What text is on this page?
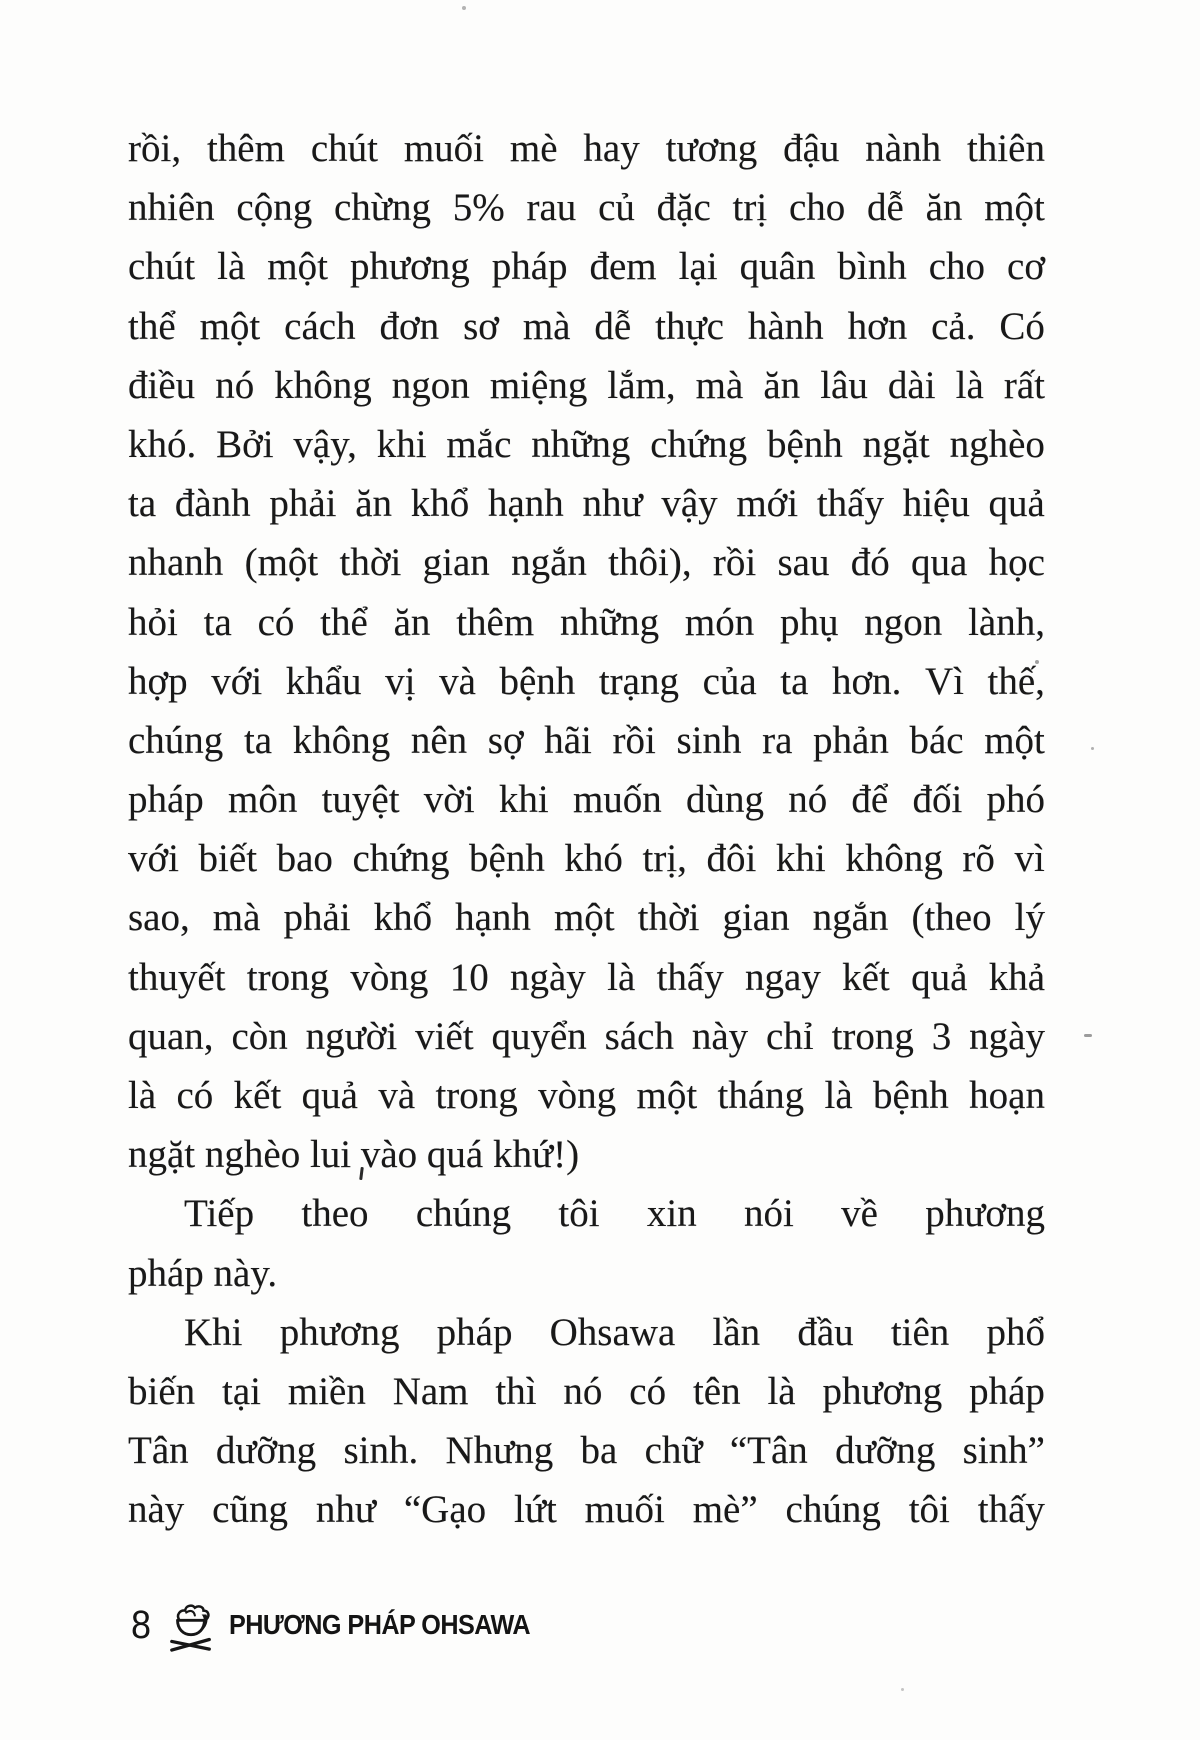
rồi, thêm chút muối mè hay tương đậu nành thiên
nhiên cộng chừng 5% rau củ đặc trị cho dễ ăn một
chút là một phương pháp đem lại quân bình cho cơ
thể một cách đơn sơ mà dễ thực hành hơn cả. Có
điều nó không ngon miệng lắm, mà ăn lâu dài là rất
khó. Bởi vậy, khi mắc những chứng bệnh ngặt nghèo
ta đành phải ăn khổ hạnh như vậy mới thấy hiệu quả
nhanh (một thời gian ngắn thôi), rồi sau đó qua học
hỏi ta có thể ăn thêm những món phụ ngon lành,
hợp với khẩu vị và bệnh trạng của ta hơn. Vì thế,
chúng ta không nên sợ hãi rồi sinh ra phản bác một
pháp môn tuyệt vời khi muốn dùng nó để đối phó
với biết bao chứng bệnh khó trị, đôi khi không rõ vì
sao, mà phải khổ hạnh một thời gian ngắn (theo lý
thuyết trong vòng 10 ngày là thấy ngay kết quả khả
quan, còn người viết quyển sách này chỉ trong 3 ngày
là có kết quả và trong vòng một tháng là bệnh hoạn
ngặt nghèo lui vào quá khứ!)
Tiếp theo chúng tôi xin nói về phương
pháp này.
Khi phương pháp Ohsawa lần đầu tiên phổ
biến tại miền Nam thì nó có tên là phương pháp
Tân dưỡng sinh. Nhưng ba chữ “Tân dưỡng sinh”
này cũng như “Gạo lứt muối mè” chúng tôi thấy
8	PHƯƠNG PHÁP OHSAWA
